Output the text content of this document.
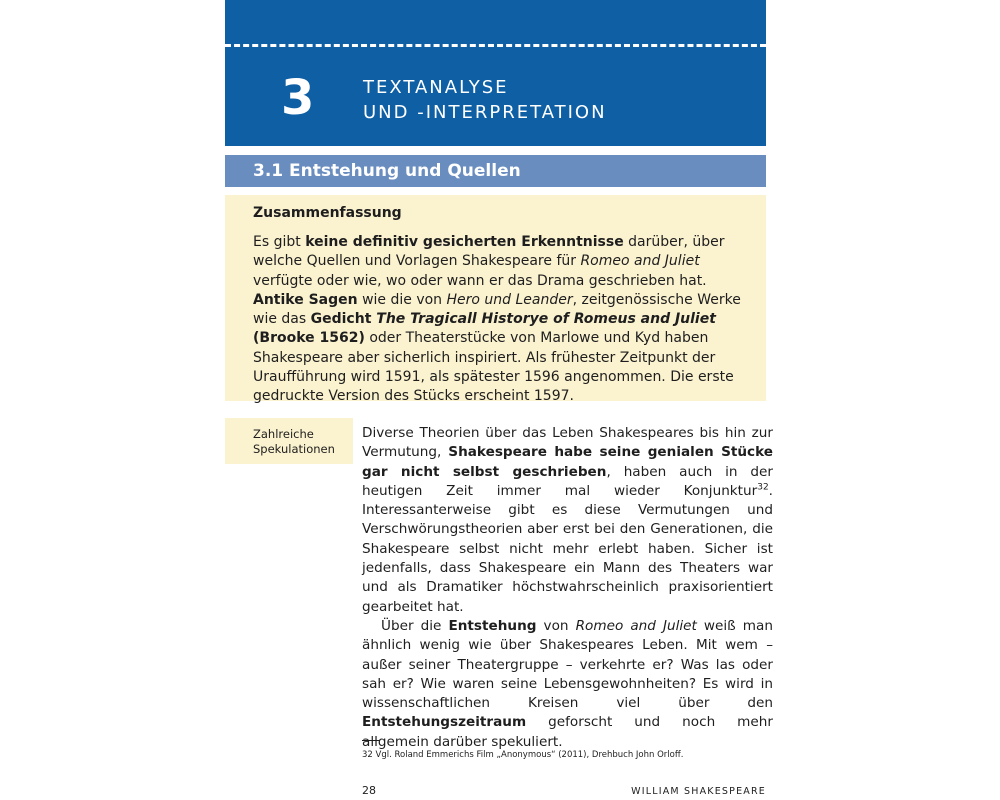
3	TEXTANALYSE
UND -INTERPRETATION
3.1 Entstehung und Quellen
Zusammenfassung
Es gibt keine definitiv gesicherten Erkenntnisse darüber, über welche Quellen und Vorlagen Shakespeare für Romeo and Juliet verfügte oder wie, wo oder wann er das Drama geschrieben hat. Antike Sagen wie die von Hero und Leander, zeitgenössische Werke wie das Gedicht The Tragicall Historye of Romeus and Juliet (Brooke 1562) oder Theaterstücke von Marlowe und Kyd haben Shakespeare aber sicherlich inspiriert. Als frühester Zeitpunkt der Uraufführung wird 1591, als spätester 1596 angenommen. Die erste gedruckte Version des Stücks erscheint 1597.
Zahlreiche
Spekulationen

Diverse Theorien über das Leben Shakespeares bis hin zur Vermutung, Shakespeare habe seine genialen Stücke gar nicht selbst geschrieben, haben auch in der heutigen Zeit immer mal wieder Konjunktur$^{32}$. Interessanterweise gibt es diese Vermutungen und Verschwörungstheorien aber erst bei den Generationen, die Shakespeare selbst nicht mehr erlebt haben. Sicher ist jedenfalls, dass Shakespeare ein Mann des Theaters war und als Dramatiker höchstwahrscheinlich praxisorientiert gearbeitet hat.

Über die Entstehung von Romeo and Juliet weiß man ähnlich wenig wie über Shakespeares Leben. Mit wem – außer seiner Theatergruppe – verkehrte er? Was las oder sah er? Wie waren seine Lebensgewohnheiten? Es wird in wissenschaftlichen Kreisen viel über den Entstehungszeitraum geforscht und noch mehr allgemein darüber spekuliert.

32 Vgl. Roland Emmerichs Film „Anonymous“ (2011), Drehbuch John Orloff.
28	WILLIAM SHAKESPEARE
